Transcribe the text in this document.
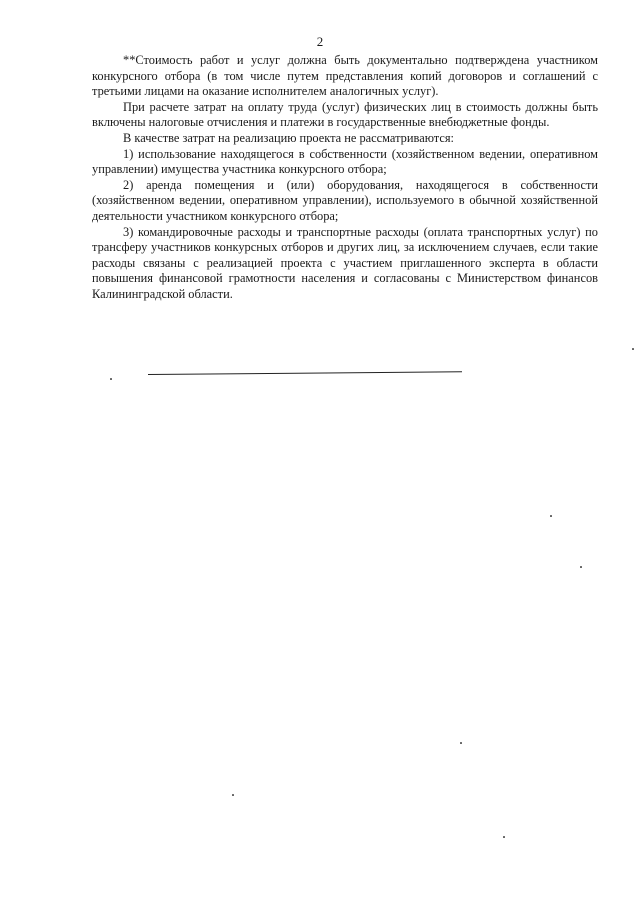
2

**Стоимость работ и услуг должна быть документально подтверждена участником конкурсного отбора (в том числе путем представления копий договоров и соглашений с третьими лицами на оказание исполнителем аналогичных услуг).

При расчете затрат на оплату труда (услуг) физических лиц в стоимость должны быть включены налоговые отчисления и платежи в государственные внебюджетные фонды.

В качестве затрат на реализацию проекта не рассматриваются:

1) использование находящегося в собственности (хозяйственном ведении, оперативном управлении) имущества участника конкурсного отбора;

2) аренда помещения и (или) оборудования, находящегося в собственности (хозяйственном ведении, оперативном управлении), используемого в обычной хозяйственной деятельности участником конкурсного отбора;

3) командировочные расходы и транспортные расходы (оплата транспортных услуг) по трансферу участников конкурсных отборов и других лиц, за исключением случаев, если такие расходы связаны с реализацией проекта с участием приглашенного эксперта в области повышения финансовой грамотности населения и согласованы с Министерством финансов Калининградской области.
